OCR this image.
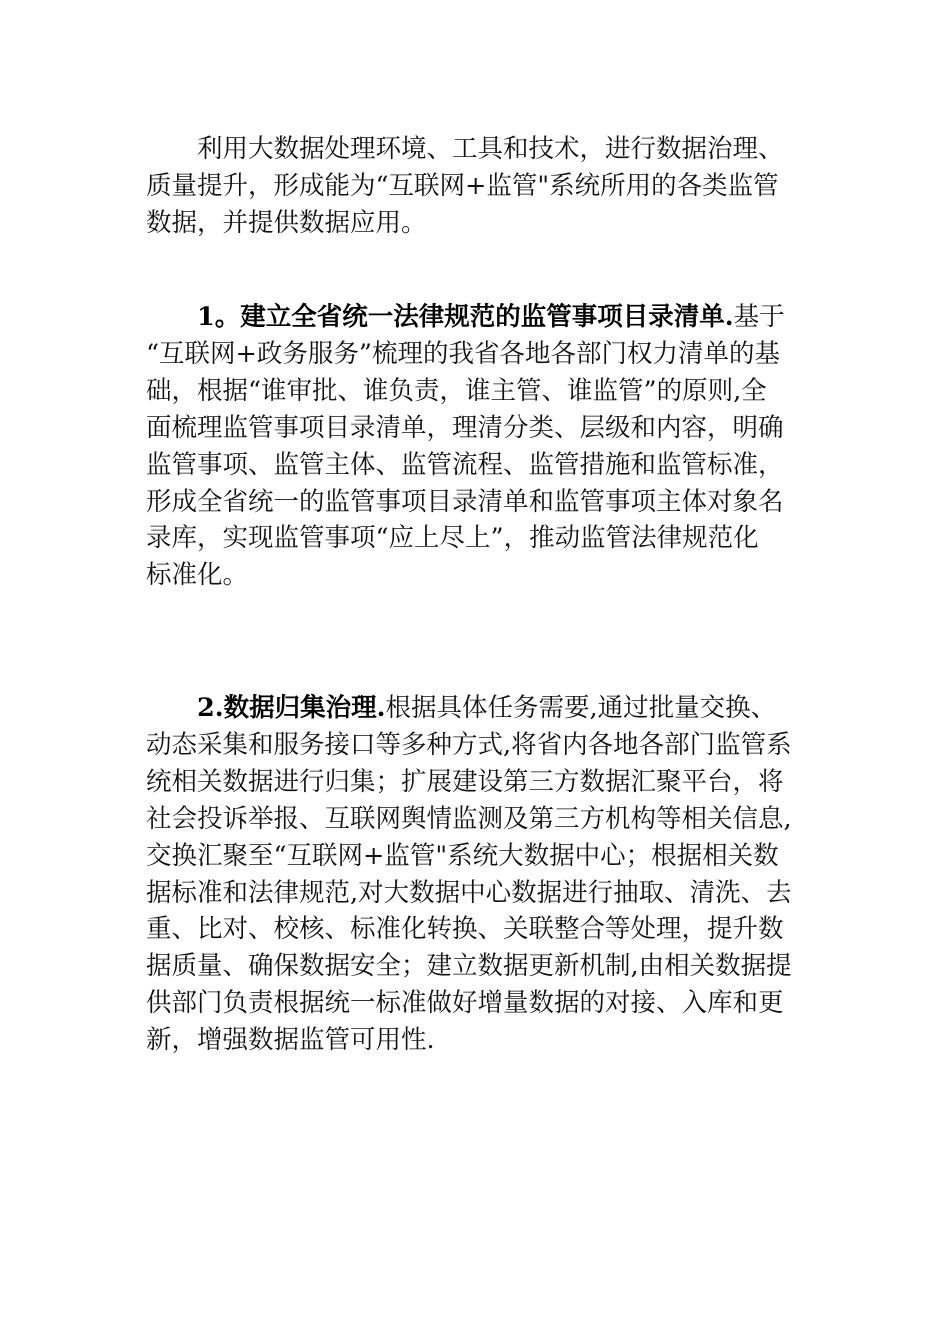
利用大数据处理环境、工具和技术，进行数据治理、
质量提升，形成能为“互联网+监管"系统所用的各类监管
数据，并提供数据应用。
1。建立全省统一法律规范的监管事项目录清单.基于
“互联网+政务服务”梳理的我省各地各部门权力清单的基
础，根据“谁审批、谁负责，谁主管、谁监管”的原则,全
面梳理监管事项目录清单，理清分类、层级和内容，明确
监管事项、监管主体、监管流程、监管措施和监管标准，
形成全省统一的监管事项目录清单和监管事项主体对象名
录库，实现监管事项“应上尽上”，推动监管法律规范化
标准化。
2.数据归集治理.根据具体任务需要,通过批量交换、
动态采集和服务接口等多种方式,将省内各地各部门监管系
统相关数据进行归集；扩展建设第三方数据汇聚平台，将
社会投诉举报、互联网舆情监测及第三方机构等相关信息,
交换汇聚至“互联网+监管"系统大数据中心；根据相关数
据标准和法律规范,对大数据中心数据进行抽取、清洗、去
重、比对、校核、标准化转换、关联整合等处理，提升数
据质量、确保数据安全；建立数据更新机制,由相关数据提
供部门负责根据统一标准做好增量数据的对接、入库和更
新，增强数据监管可用性.
